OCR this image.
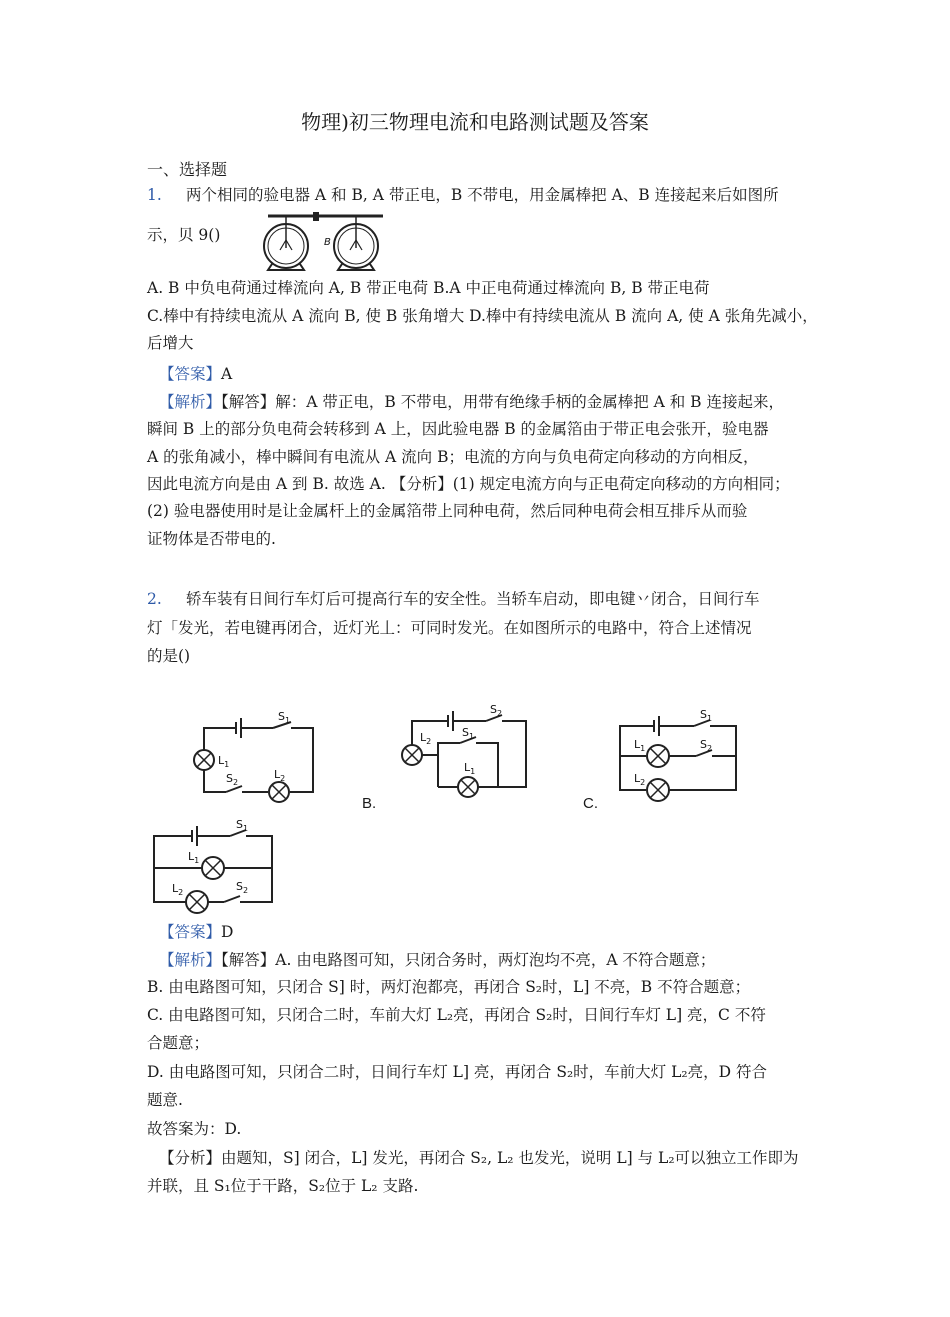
物理)初三物理电流和电路测试题及答案
一、选择题
1. 两个相同的验电器 A 和 B, A 带正电，B 不带电，用金属棒把 A、B 连接起来后如图所
示，贝 9()	B
A. B 中负电荷通过棒流向 A, B 带正电荷 B.A 中正电荷通过棒流向 B, B 带正电荷
C.棒中有持续电流从 A 流向 B, 使 B 张角增大 D.棒中有持续电流从 B 流向 A, 使 A 张角先减小，
后增大
【答案】A
【解析】【解答】解：A 带正电，B 不带电，用带有绝缘手柄的金属棒把 A 和 B 连接起来，
瞬间 B 上的部分负电荷会转移到 A 上，因此验电器 B 的金属箔由于带正电会张开，验电器
A 的张角减小，棒中瞬间有电流从 A 流向 B；电流的方向与负电荷定向移动的方向相反，
因此电流方向是由 A 到 B. 故选 A. 【分析】(1) 规定电流方向与正电荷定向移动的方向相同；
(2) 验电器使用时是让金属杆上的金属箔带上同种电荷，然后同种电荷会相互排斥从而验
证物体是否带电的.
2. 轿车装有日间行车灯后可提高行车的安全性。当轿车启动，即电键丷闭合，日间行车
灯「发光，若电键再闭合，近灯光丄：可同时发光。在如图所示的电路中，符合上述情况
的是()
$S_1$
$L_1$
$S_2$
$L_2$
$S_2$
$L_2$
$S_1$
$L_1$
B.
$S_1$
$L_1$	$S_2$
$L_2$
C.
$S_1$
$L_1$
$L_2$	$S_2$
【答案】D
【解析】【解答】A. 由电路图可知，只闭合务时，两灯泡均不亮，A 不符合题意；
B. 由电路图可知，只闭合 S] 时，两灯泡都亮，再闭合 S₂时，L] 不亮，B 不符合题意；
C. 由电路图可知，只闭合二时，车前大灯 L₂亮，再闭合 S₂时，日间行车灯 L] 亮，C 不符
合题意；
D. 由电路图可知，只闭合二时，日间行车灯 L] 亮，再闭合 S₂时，车前大灯 L₂亮，D 符合
题意.
故答案为：D.
【分析】由题知，S] 闭合，L] 发光，再闭合 S₂, L₂ 也发光，说明 L] 与 L₂可以独立工作即为
并联，且 S₁位于干路，S₂位于 L₂ 支路.
